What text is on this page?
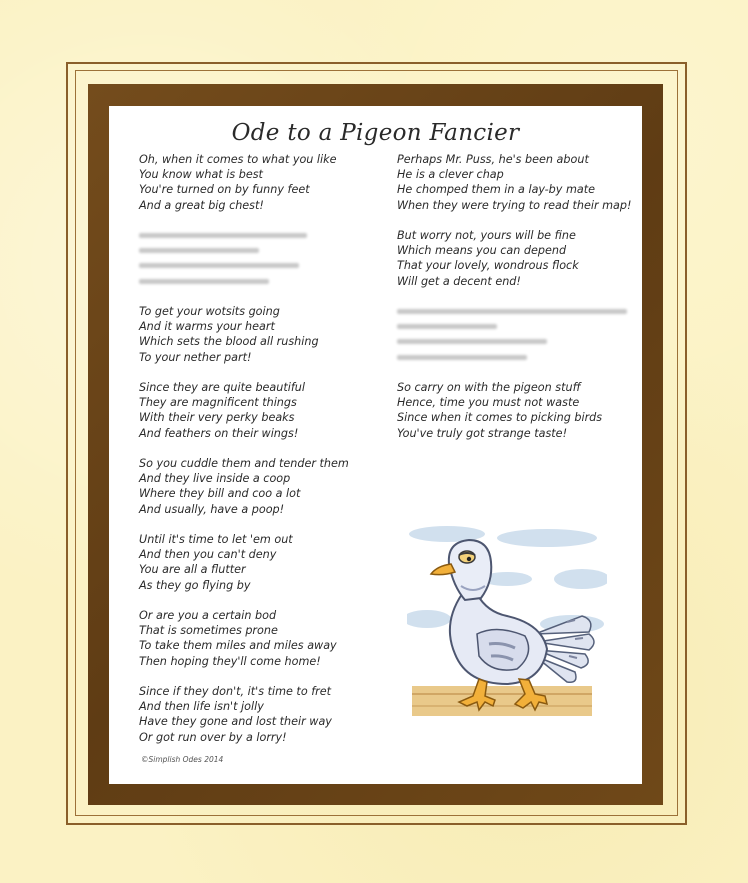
Ode to a Pigeon Fancier
Oh, when it comes to what you like
You know what is best
You're turned on by funny feet
And a great big chest!
To get your wotsits going
And it warms your heart
Which sets the blood all rushing
To your nether part!
Since they are quite beautiful
They are magnificent things
With their very perky beaks
And feathers on their wings!
So you cuddle them and tender them
And they live inside a coop
Where they bill and coo a lot
And usually, have a poop!
Until it's time to let 'em out
And then you can't deny
You are all a flutter
As they go flying by
Or are you a certain bod
That is sometimes prone
To take them miles and miles away
Then hoping they'll come home!
Since if they don't, it's time to fret
And then life isn't jolly
Have they gone and lost their way
Or got run over by a lorry!
Perhaps Mr. Puss, he's been about
He is a clever chap
He chomped them in a lay-by mate
When they were trying to read their map!
But worry not, yours will be fine
Which means you can depend
That your lovely, wondrous flock
Will get a decent end!
So carry on with the pigeon stuff
Hence, time you must not waste
Since when it comes to picking birds
You've truly got strange taste!
©Simplish Odes 2014
